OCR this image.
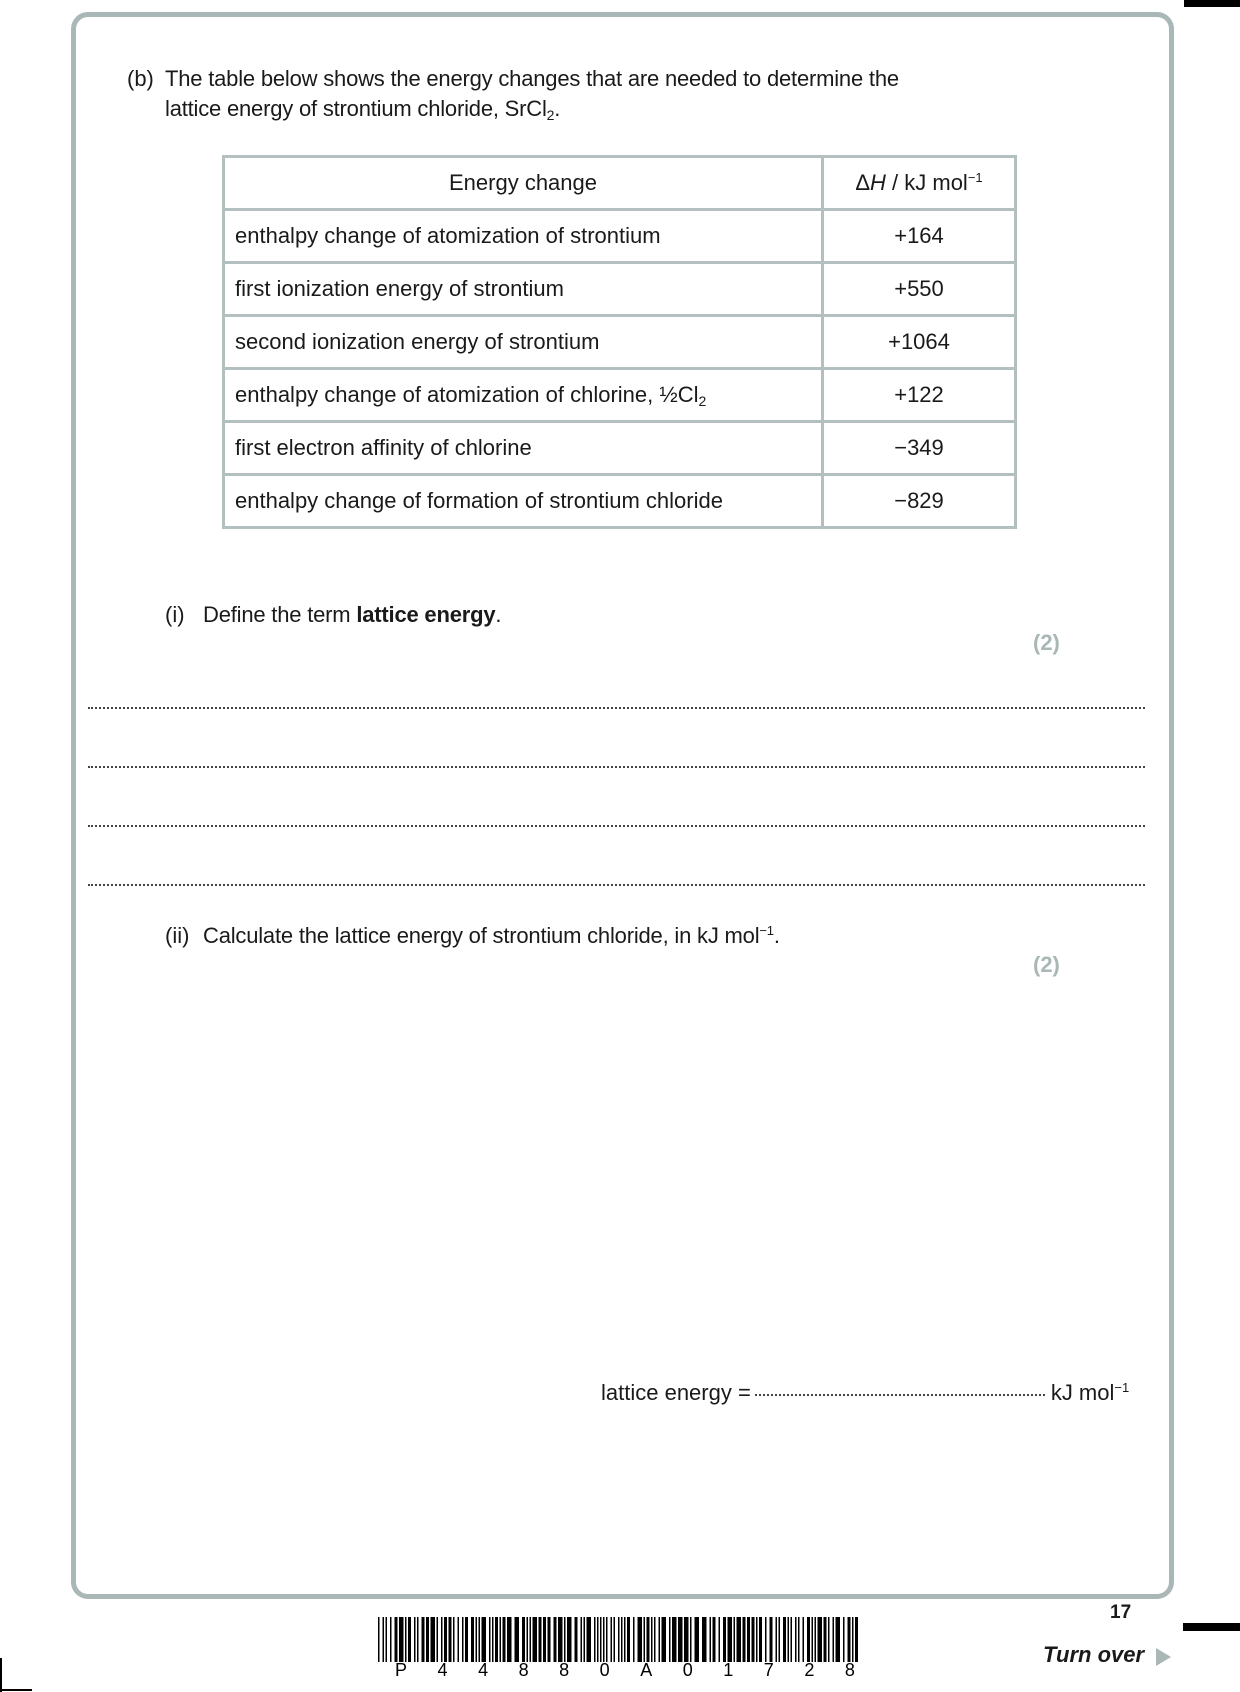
(b) The table below shows the energy changes that are needed to determine the
lattice energy of strontium chloride, SrCl$_2$.
Energy change	ΔH / kJ mol$^{-1}$
enthalpy change of atomization of strontium	+164
first ionization energy of strontium	+550
second ionization energy of strontium	+1064
enthalpy change of atomization of chlorine, $\frac{1}{2}Cl_2$	+122
first electron affinity of chlorine	−349
enthalpy change of formation of strontium chloride	−829
(i) Define the term lattice energy.
(2)
(ii) Calculate the lattice energy of strontium chloride, in kJ mol$^{-1}$.
(2)
lattice energy =	kJ mol$^{-1}$
P 4 4 8 8 0 A 0 1 7 2 8
17
Turn over
